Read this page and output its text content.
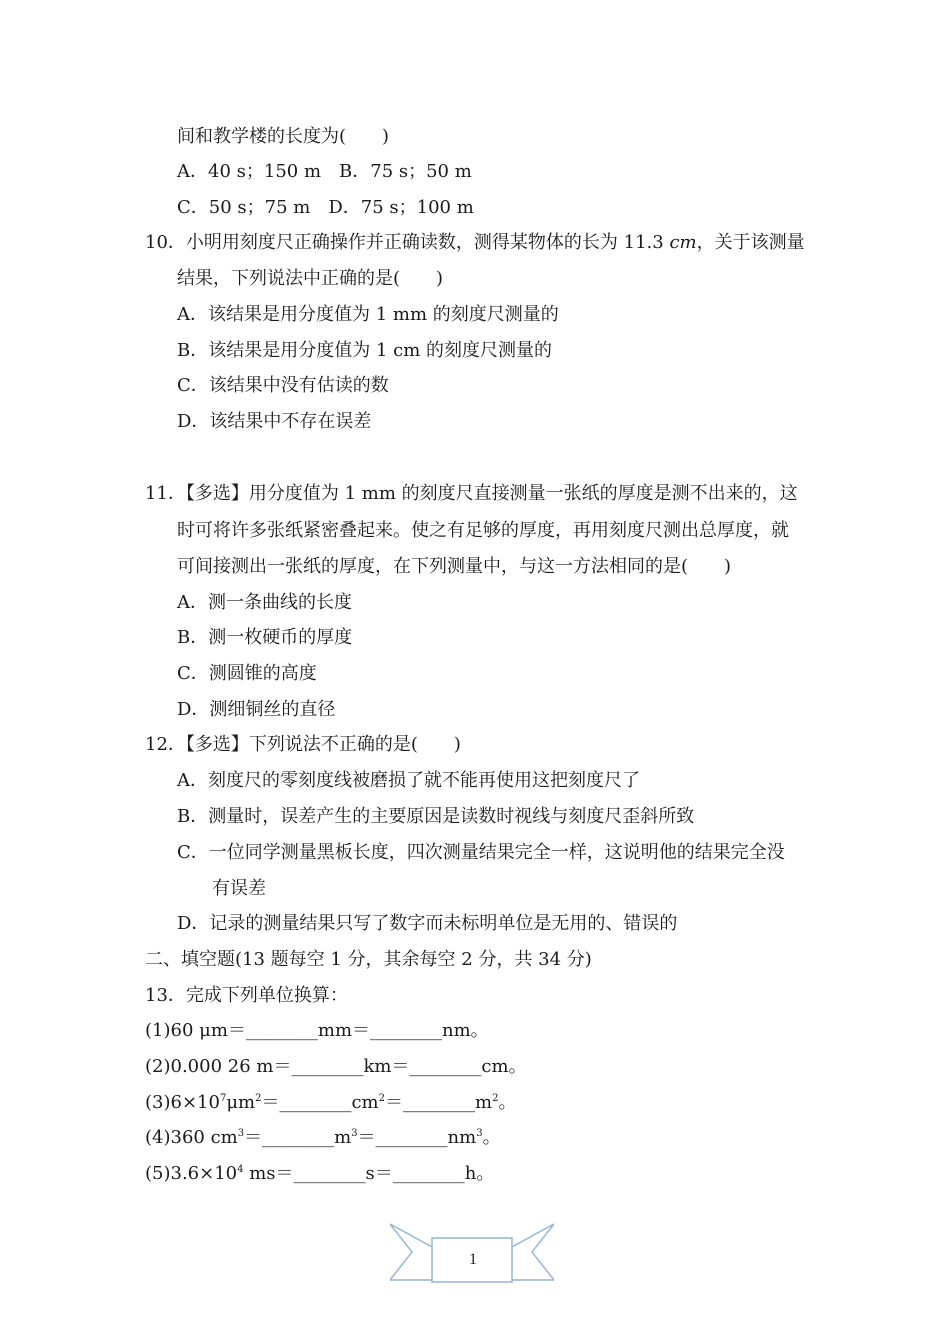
间和教学楼的长度为(　　)

A．40 s；150 m　B．75 s；50 m

C．50 s；75 m　D．75 s；100 m

10．小明用刻度尺正确操作并正确读数，测得某物体的长为 11.3 cm，关于该测量

结果，下列说法中正确的是(　　)

A．该结果是用分度值为 1 mm 的刻度尺测量的

B．该结果是用分度值为 1 cm 的刻度尺测量的

C．该结果中没有估读的数

D．该结果中不存在误差

11．【多选】用分度值为 1 mm 的刻度尺直接测量一张纸的厚度是测不出来的，这

时可将许多张纸紧密叠起来。使之有足够的厚度，再用刻度尺测出总厚度，就

可间接测出一张纸的厚度，在下列测量中，与这一方法相同的是(　　)

A．测一条曲线的长度

B．测一枚硬币的厚度

C．测圆锥的高度

D．测细铜丝的直径

12．【多选】下列说法不正确的是(　　)

A．刻度尺的零刻度线被磨损了就不能再使用这把刻度尺了

B．测量时，误差产生的主要原因是读数时视线与刻度尺歪斜所致

C．一位同学测量黑板长度，四次测量结果完全一样，这说明他的结果完全没

有误差

D．记录的测量结果只写了数字而未标明单位是无用的、错误的

二、填空题(13 题每空 1 分，其余每空 2 分，共 34 分)

13．完成下列单位换算：

(1)60 μm＝________mm＝________nm。

(2)0.000 26 m＝________km＝________cm。

$(3)6\times 10^7\mu m^2=\_\_\_\_\_\_\_\_cm^2=\_\_\_\_\_\_\_\_m^2$。

(4)360 $cm^3=\_\_\_\_\_\_\_\_m^3=\_\_\_\_\_\_\_\_nm^3$。

$(5)3.6\times 10^4$ ms＝________s＝________h。

1
